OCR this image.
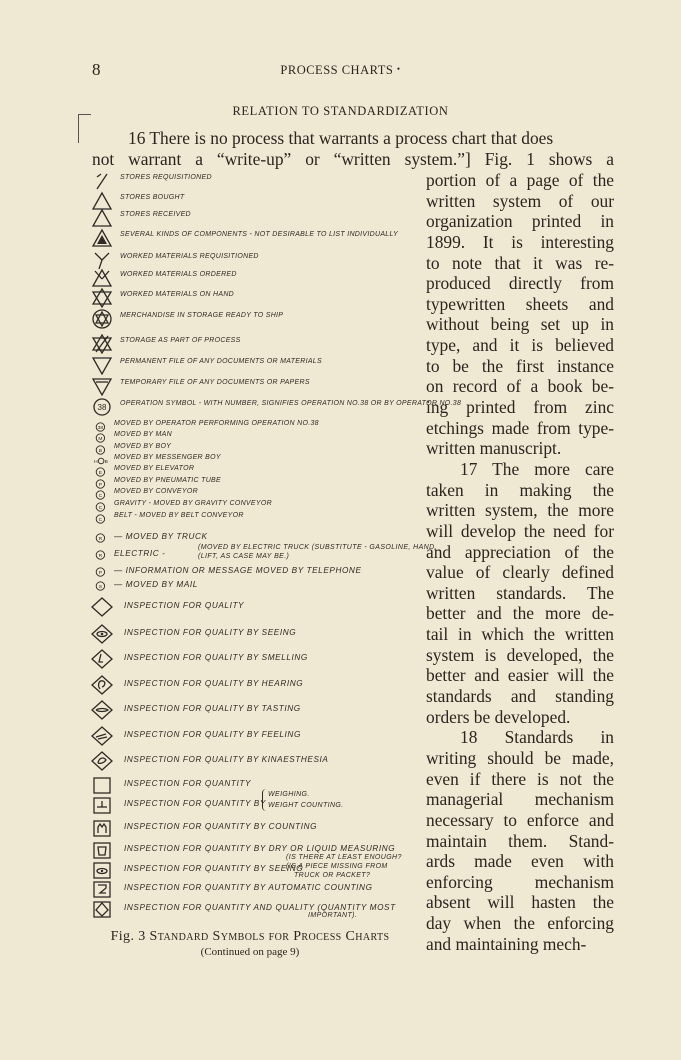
8	PROCESS CHARTS •
RELATION TO STANDARDIZATION
16 There is no process that warrants a process chart that does
not warrant a “write-up” or “written system.”] Fig. 1 shows a
portion of a page of the
written system of our
organization printed in
1899. It is interesting
to note that it was re-
produced directly from
typewritten sheets and
without being set up in
type, and it is believed
to be the first instance
on record of a book be-
ing printed from zinc
etchings made from type-
written manuscript.
17 The more care
taken in making the
written system, the more
will develop the need for
and appreciation of the
value of clearly defined
written standards. The
better and the more de-
tail in which the written
system is developed, the
better and easier will the
standards and standing
orders be developed.
18 Standards in
writing should be made,
even if there is not the
managerial mechanism
necessary to enforce and
maintain them. Stand-
ards made even with
enforcing mechanism
absent will hasten the
day when the enforcing
and maintaining mech-
STORES REQUISITIONED
STORES BOUGHT
STORES RECEIVED
SEVERAL KINDS OF COMPONENTS - NOT DESIRABLE TO LIST INDIVIDUALLY
WORKED MATERIALS REQUISITIONED
WORKED MATERIALS ORDERED
WORKED MATERIALS ON HAND
MERCHANDISE IN STORAGE READY TO SHIP
STORAGE AS PART OF PROCESS
PERMANENT FILE OF ANY DOCUMENTS OR MATERIALS
TEMPORARY FILE OF ANY DOCUMENTS OR PAPERS
38 OPERATION SYMBOL - WITH NUMBER, SIGNIFIES OPERATION NO.38 OR BY OPERATOR NO.38
38
MOVED BY OPERATOR PERFORMING OPERATION NO.38
M
MOVED BY MAN
B
MOVED BY BOY
H B
MOVED BY MESSENGER BOY
E
MOVED BY ELEVATOR
P
MOVED BY PNEUMATIC TUBE
C
MOVED BY CONVEYOR
C
GRAVITY - MOVED BY GRAVITY CONVEYOR
C
BELT - MOVED BY BELT CONVEYOR
R — MOVED BY TRUCK
R ELECTRIC -
P — INFORMATION OR MESSAGE MOVED BY TELEPHONE
S — MOVED BY MAIL
INSPECTION FOR QUALITY
INSPECTION FOR QUALITY BY SEEING
INSPECTION FOR QUALITY BY SMELLING
INSPECTION FOR QUALITY BY HEARING
INSPECTION FOR QUALITY BY TASTING
INSPECTION FOR QUALITY BY FEELING
INSPECTION FOR QUALITY BY KINAESTHESIA
INSPECTION FOR QUANTITY
INSPECTION FOR QUANTITY BY
INSPECTION FOR QUANTITY BY COUNTING
INSPECTION FOR QUANTITY BY DRY OR LIQUID MEASURING
INSPECTION FOR QUANTITY BY SEEING
INSPECTION FOR QUANTITY BY AUTOMATIC COUNTING
INSPECTION FOR QUANTITY AND QUALITY (QUANTITY MOST
(MOVED BY ELECTRIC TRUCK (SUBSTITUTE - GASOLINE, HAND,
(LIFT, AS CASE MAY BE.)
WEIGHING.
WEIGHT COUNTING.
(IS THERE AT LEAST ENOUGH?
(IS A PIECE MISSING FROM
TRUCK OR PACKET?
IMPORTANT).
Fig. 3 Standard Symbols for Process Charts
(Continued on page 9)
